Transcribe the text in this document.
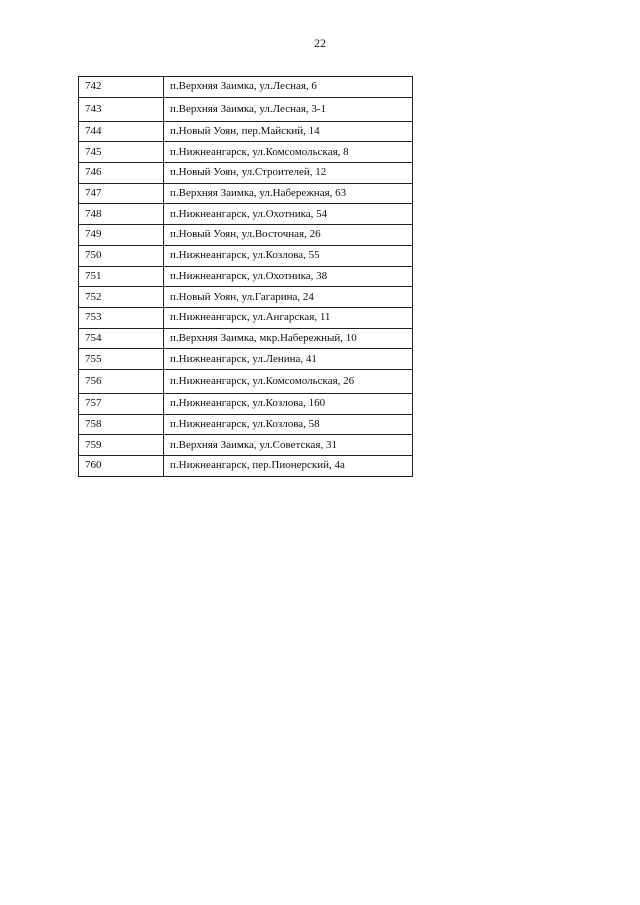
22
742	п.Верхняя Заимка, ул.Лесная, 6
743	п.Верхняя Заимка, ул.Лесная, 3-1
744	п.Новый Уоян, пер.Майский, 14
745	п.Нижнеангарск, ул.Комсомольская, 8
746	п.Новый Уоян, ул.Строителей, 12
747	п.Верхняя Заимка, ул.Набережная, 63
748	п.Нижнеангарск, ул.Охотника, 54
749	п.Новый Уоян, ул.Восточная, 26
750	п.Нижнеангарск, ул.Козлова, 55
751	п.Нижнеангарск, ул.Охотника, 38
752	п.Новый Уоян, ул.Гагарина, 24
753	п.Нижнеангарск, ул.Ангарская, 11
754	п.Верхняя Заимка, мкр.Набережный, 10
755	п.Нижнеангарск, ул.Ленина, 41
756	п.Нижнеангарск, ул.Комсомольская, 26
757	п.Нижнеангарск, ул.Козлова, 160
758	п.Нижнеангарск, ул.Козлова, 58
759	п.Верхняя Заимка, ул.Советская, 31
760	п.Нижнеангарск, пер.Пионерский, 4а
